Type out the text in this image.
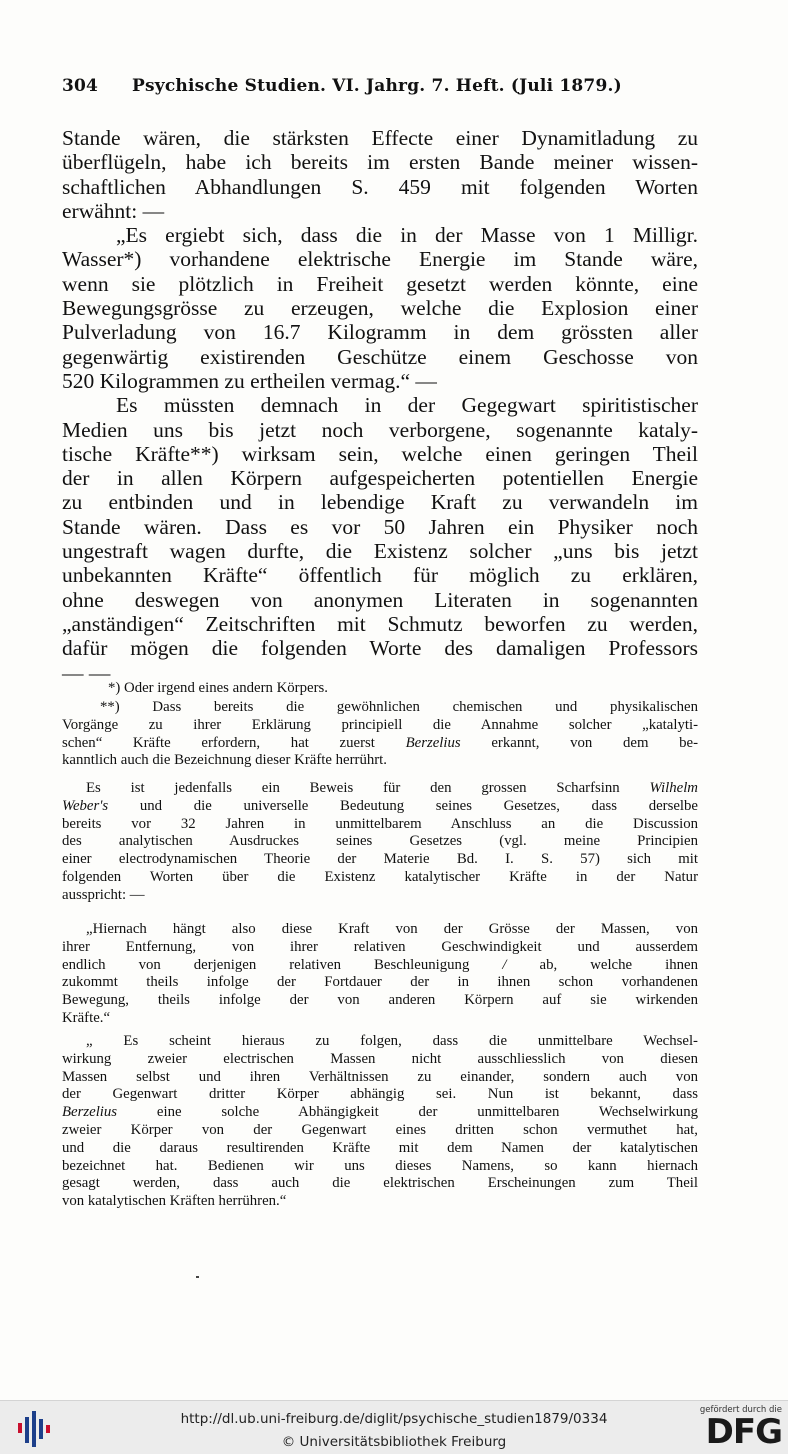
304 Psychische Studien. VI. Jahrg. 7. Heft. (Juli 1879.)
Stande wären, die stärksten Effecte einer Dynamitladung zu
überflügeln, habe ich bereits im ersten Bande meiner wissen-
schaftlichen Abhandlungen S. 459 mit folgenden Worten
erwähnt: —
„Es ergiebt sich, dass die in der Masse von 1 Milligr.
Wasser*) vorhandene elektrische Energie im Stande wäre,
wenn sie plötzlich in Freiheit gesetzt werden könnte, eine
Bewegungsgrösse zu erzeugen, welche die Explosion einer
Pulverladung von 16.7 Kilogramm in dem grössten aller
gegenwärtig existirenden Geschütze einem Geschosse von
520 Kilogrammen zu ertheilen vermag.“ —
Es müssten demnach in der Gegegwart spiritistischer
Medien uns bis jetzt noch verborgene, sogenannte kataly-
tische Kräfte**) wirksam sein, welche einen geringen Theil
der in allen Körpern aufgespeicherten potentiellen Energie
zu entbinden und in lebendige Kraft zu verwandeln im
Stande wären. Dass es vor 50 Jahren ein Physiker noch
ungestraft wagen durfte, die Existenz solcher „uns bis jetzt
unbekannten Kräfte“ öffentlich für möglich zu erklären,
ohne deswegen von anonymen Literaten in sogenannten
„anständigen“ Zeitschriften mit Schmutz beworfen zu werden,
dafür mögen die folgenden Worte des damaligen Professors
— —
*) Oder irgend eines andern Körpers.
**) Dass bereits die gewöhnlichen chemischen und physikalischen
Vorgänge zu ihrer Erklärung principiell die Annahme solcher „katalyti-
schen“ Kräfte erfordern, hat zuerst Berzelius erkannt, von dem be-
kanntlich auch die Bezeichnung dieser Kräfte herrührt.
Es ist jedenfalls ein Beweis für den grossen Scharfsinn Wilhelm
Weber's und die universelle Bedeutung seines Gesetzes, dass derselbe
bereits vor 32 Jahren in unmittelbarem Anschluss an die Discussion
des analytischen Ausdruckes seines Gesetzes (vgl. meine Principien
einer electrodynamischen Theorie der Materie Bd. I. S. 57) sich mit
folgenden Worten über die Existenz katalytischer Kräfte in der Natur
ausspricht: —
„Hiernach hängt also diese Kraft von der Grösse der Massen, von
ihrer Entfernung, von ihrer relativen Geschwindigkeit und ausserdem
endlich von derjenigen relativen Beschleunigung / ab, welche ihnen
zukommt theils infolge der Fortdauer der in ihnen schon vorhandenen
Bewegung, theils infolge der von anderen Körpern auf sie wirkenden
Kräfte.“
„ Es scheint hieraus zu folgen, dass die unmittelbare Wechsel-
wirkung zweier electrischen Massen nicht ausschliesslich von diesen
Massen selbst und ihren Verhältnissen zu einander, sondern auch von
der Gegenwart dritter Körper abhängig sei. Nun ist bekannt, dass
Berzelius	eine solche Abhängigkeit der unmittelbaren Wechselwirkung
zweier Körper von der Gegenwart eines dritten schon vermuthet hat,
und die daraus resultirenden Kräfte mit dem Namen der katalytischen
bezeichnet hat. Bedienen wir uns dieses Namens, so kann hiernach
gesagt werden, dass auch die elektrischen Erscheinungen zum Theil
von katalytischen Kräften herrühren.“
http://dl.ub.uni-freiburg.de/diglit/psychische_studien1879/0334
© Universitätsbibliothek Freiburg
gefördert durch die
DFG
